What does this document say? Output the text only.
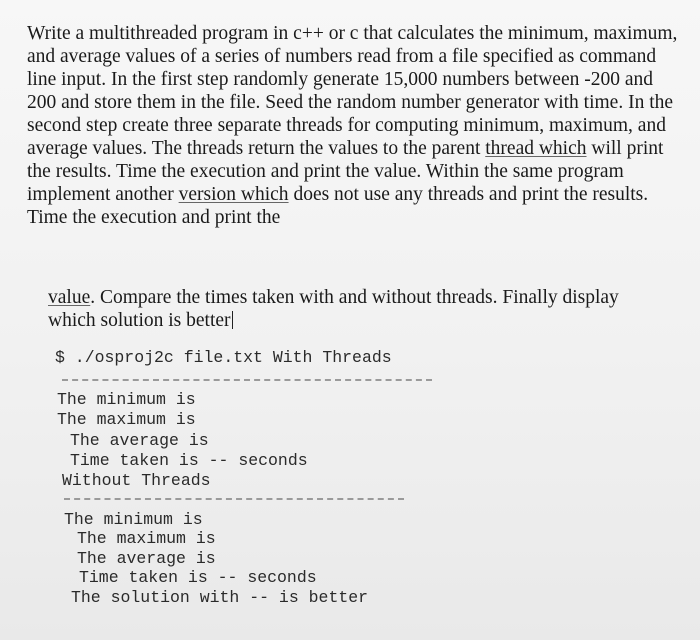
Write a multithreaded program in c++ or c that calculates the minimum, maximum, and average values of a series of numbers read from a file specified as command line input. In the first step randomly generate 15,000 numbers between -200 and 200 and store them in the file. Seed the random number generator with time. In the second step create three separate threads for computing minimum, maximum, and average values. The threads return the values to the parent thread which will print the results. Time the execution and print the value. Within the same program implement another version which does not use any threads and print the results. Time the execution and print the

value. Compare the times taken with and without threads. Finally display which solution is better

$ ./osproj2c file.txt With Threads
The minimum is
The maximum is
The average is
Time taken is -- seconds
Without Threads
The minimum is
The maximum is
The average is
Time taken is -- seconds
The solution with -- is better
